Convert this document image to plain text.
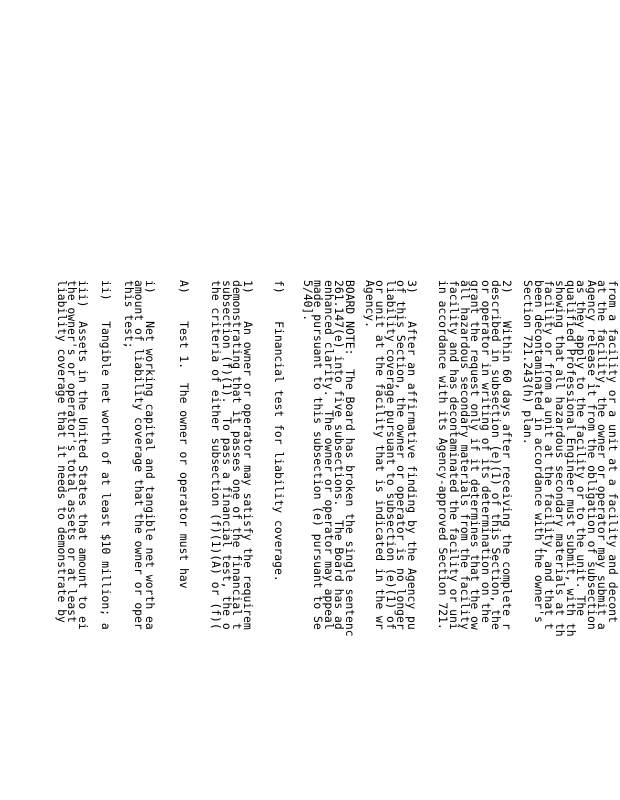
from a facility or a unit at a facility and decont
at the facility, the owner or operator may submit a
Agency release it from the obligation of subsection
as they apply to the facility or to the unit. The
qualified Professional Engineer must submit, with th
showing that all hazardous secondary materials at th
facility or from a unit at the facility, and that t
been decontaminated in accordance with the owner's
Section 721.243(h) plan.

2)    Within 60 days after receiving the complete r
described in subsection (e)(1) of this Section, the
or operator in writing of its determination on the
grant the request only if it determines that the ow
all hazardous secondary materials from the facility
facility and has decontaminated the facility or uni
in accordance with its Agency-approved Section 721.

3)    After an affirmative finding by the Agency pu
of this Section, the owner or operator is no longer
liability coverage pursuant to subsection (e)(1) of
or unit at the facility that is indicated in the wr
Agency.

BOARD NOTE:  The Board has broken the single sentenc
261.147(e) into five subsections.  The Board has ad
enhanced clarity.  The owner or operator may appeal
made pursuant to this subsection (e) pursuant to Se
5/40].

f)    Financial test for liability coverage.

1)    An owner or operator may satisfy the requirem
demonstrating that it passes one of the financial t
subsection (f)(1).  To pass a financial test, the o
the criteria of either subsection (f)(1)(A) or (f)(

A)    Test 1.  The owner or operator must hav

i)    Net working capital and tangible net worth ea
amount of liability coverage that the owner or oper
this test;

ii)   Tangible net worth of at least $10 million; a

iii)  Assets in the United States that amount to ei
the owner's or operator's total assets or at least
liability coverage that it needs to demonstrate by
